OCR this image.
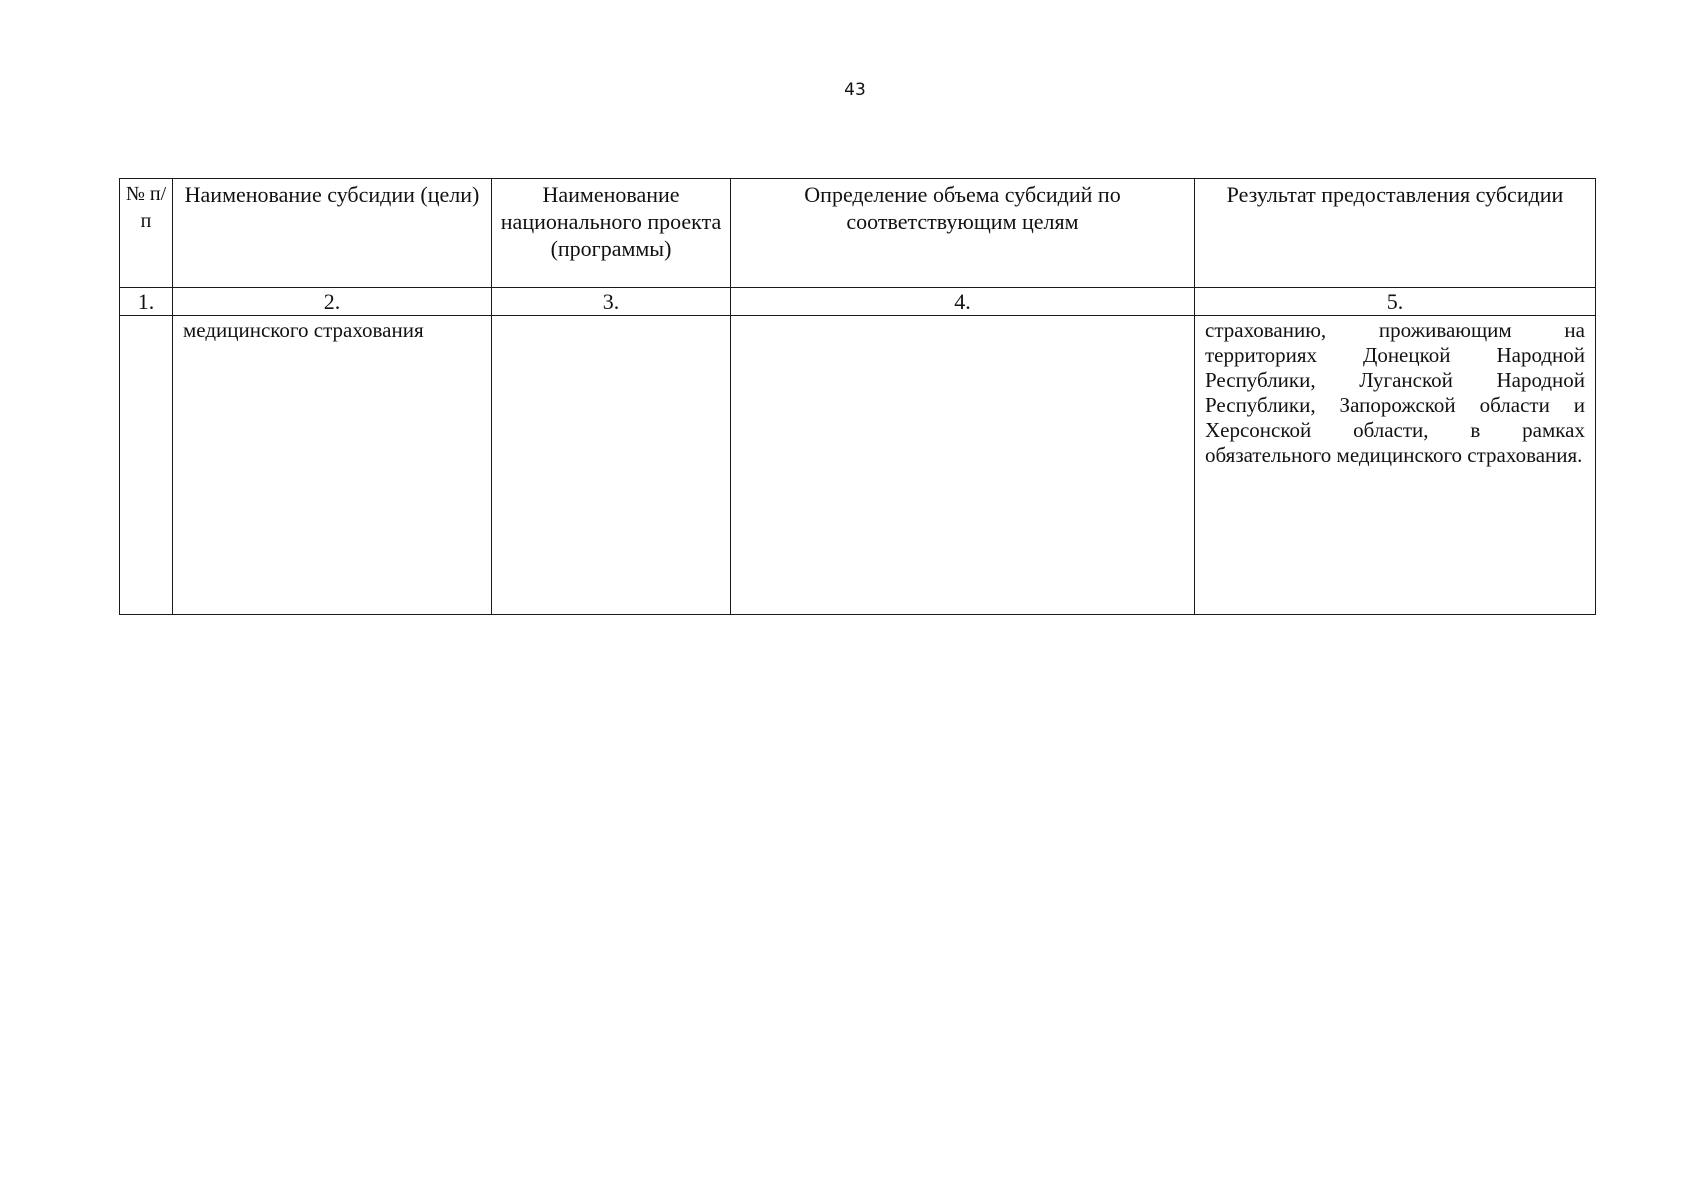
43
№ п/п	Наименование субсидии (цели)	Наименование национального проекта (программы)	Определение объема субсидий по соответствующим целям	Результат предоставления субсидии

1.	2.	3.	4.	5.

	медицинского страхования			страхованию, проживающим на территориях Донецкой Народной Республики, Луганской Народной Республики, Запорожской области и Херсонской области, в рамках обязательного медицинского страхования.
